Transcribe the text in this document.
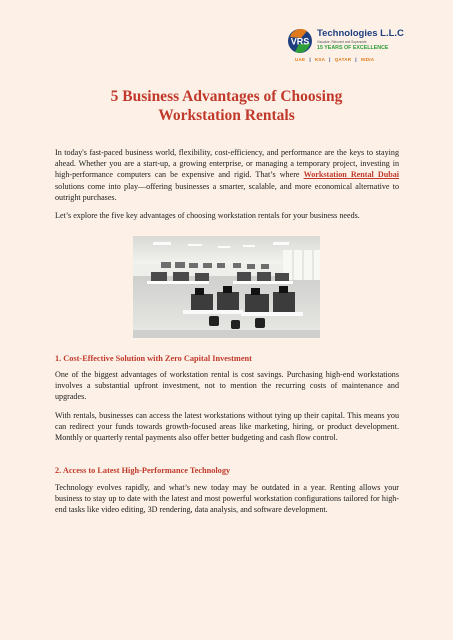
VRS
Technologies L.L.C
Visualize, Reinvent and Supersede
15 YEARS OF EXCELLENCE
UAE | KSA | QATAR | INDIA
5 Business Advantages of Choosing
Workstation Rentals

In today's fast-paced business world, flexibility, cost-efficiency, and performance are the keys to staying ahead. Whether you are a start-up, a growing enterprise, or managing a temporary project, investing in high-performance computers can be expensive and rigid. That’s where Workstation Rental Dubai solutions come into play—offering businesses a smarter, scalable, and more economical alternative to outright purchases.

Let’s explore the five key advantages of choosing workstation rentals for your business needs.

1. Cost-Effective Solution with Zero Capital Investment

One of the biggest advantages of workstation rental is cost savings. Purchasing high-end workstations involves a substantial upfront investment, not to mention the recurring costs of maintenance and upgrades.

With rentals, businesses can access the latest workstations without tying up their capital. This means you can redirect your funds towards growth-focused areas like marketing, hiring, or product development. Monthly or quarterly rental payments also offer better budgeting and cash flow control.

2. Access to Latest High-Performance Technology

Technology evolves rapidly, and what’s new today may be outdated in a year. Renting allows your business to stay up to date with the latest and most powerful workstation configurations tailored for high-end tasks like video editing, 3D rendering, data analysis, and software development.
